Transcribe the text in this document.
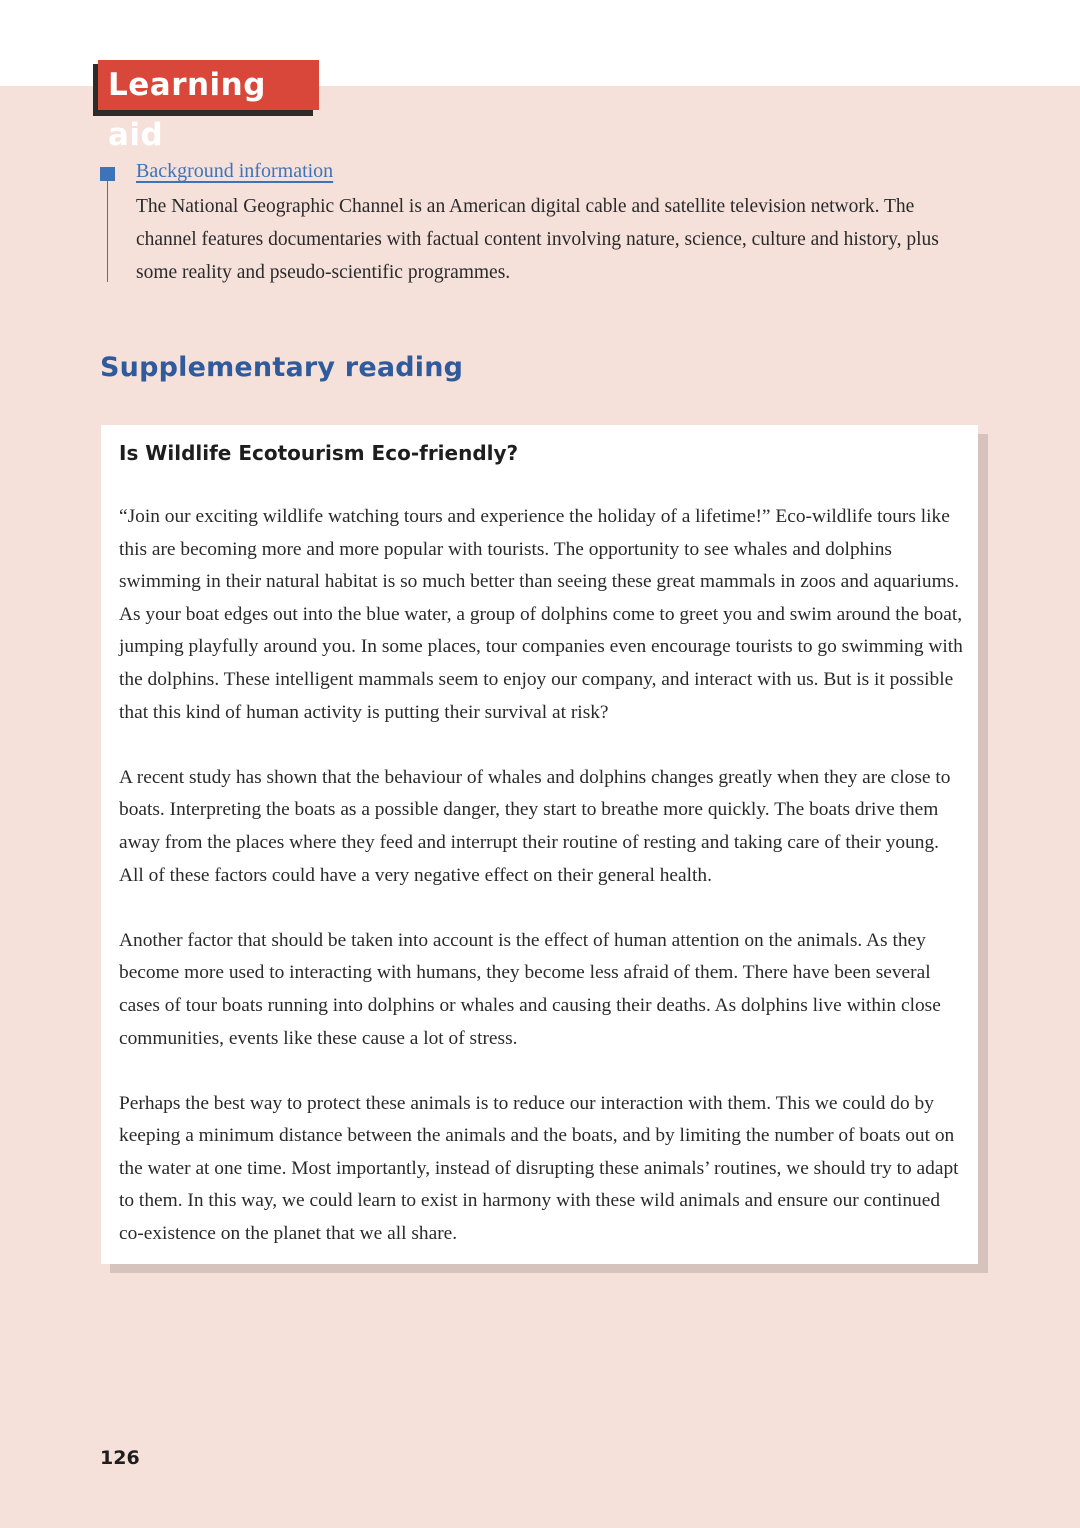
Learning aid
Background information
The National Geographic Channel is an American digital cable and satellite television network. The channel features documentaries with factual content involving nature, science, culture and history, plus some reality and pseudo-scientific programmes.
Supplementary reading
Is Wildlife Ecotourism Eco-friendly?

“Join our exciting wildlife watching tours and experience the holiday of a lifetime!” Eco-wildlife tours like this are becoming more and more popular with tourists. The opportunity to see whales and dolphins swimming in their natural habitat is so much better than seeing these great mammals in zoos and aquariums. As your boat edges out into the blue water, a group of dolphins come to greet you and swim around the boat, jumping playfully around you. In some places, tour companies even encourage tourists to go swimming with the dolphins. These intelligent mammals seem to enjoy our company, and interact with us. But is it possible that this kind of human activity is putting their survival at risk?

A recent study has shown that the behaviour of whales and dolphins changes greatly when they are close to boats. Interpreting the boats as a possible danger, they start to breathe more quickly. The boats drive them away from the places where they feed and interrupt their routine of resting and taking care of their young. All of these factors could have a very negative effect on their general health.

Another factor that should be taken into account is the effect of human attention on the animals. As they become more used to interacting with humans, they become less afraid of them. There have been several cases of tour boats running into dolphins or whales and causing their deaths. As dolphins live within close communities, events like these cause a lot of stress.

Perhaps the best way to protect these animals is to reduce our interaction with them. This we could do by keeping a minimum distance between the animals and the boats, and by limiting the number of boats out on the water at one time. Most importantly, instead of disrupting these animals’ routines, we should try to adapt to them. In this way, we could learn to exist in harmony with these wild animals and ensure our continued co-existence on the planet that we all share.

126
